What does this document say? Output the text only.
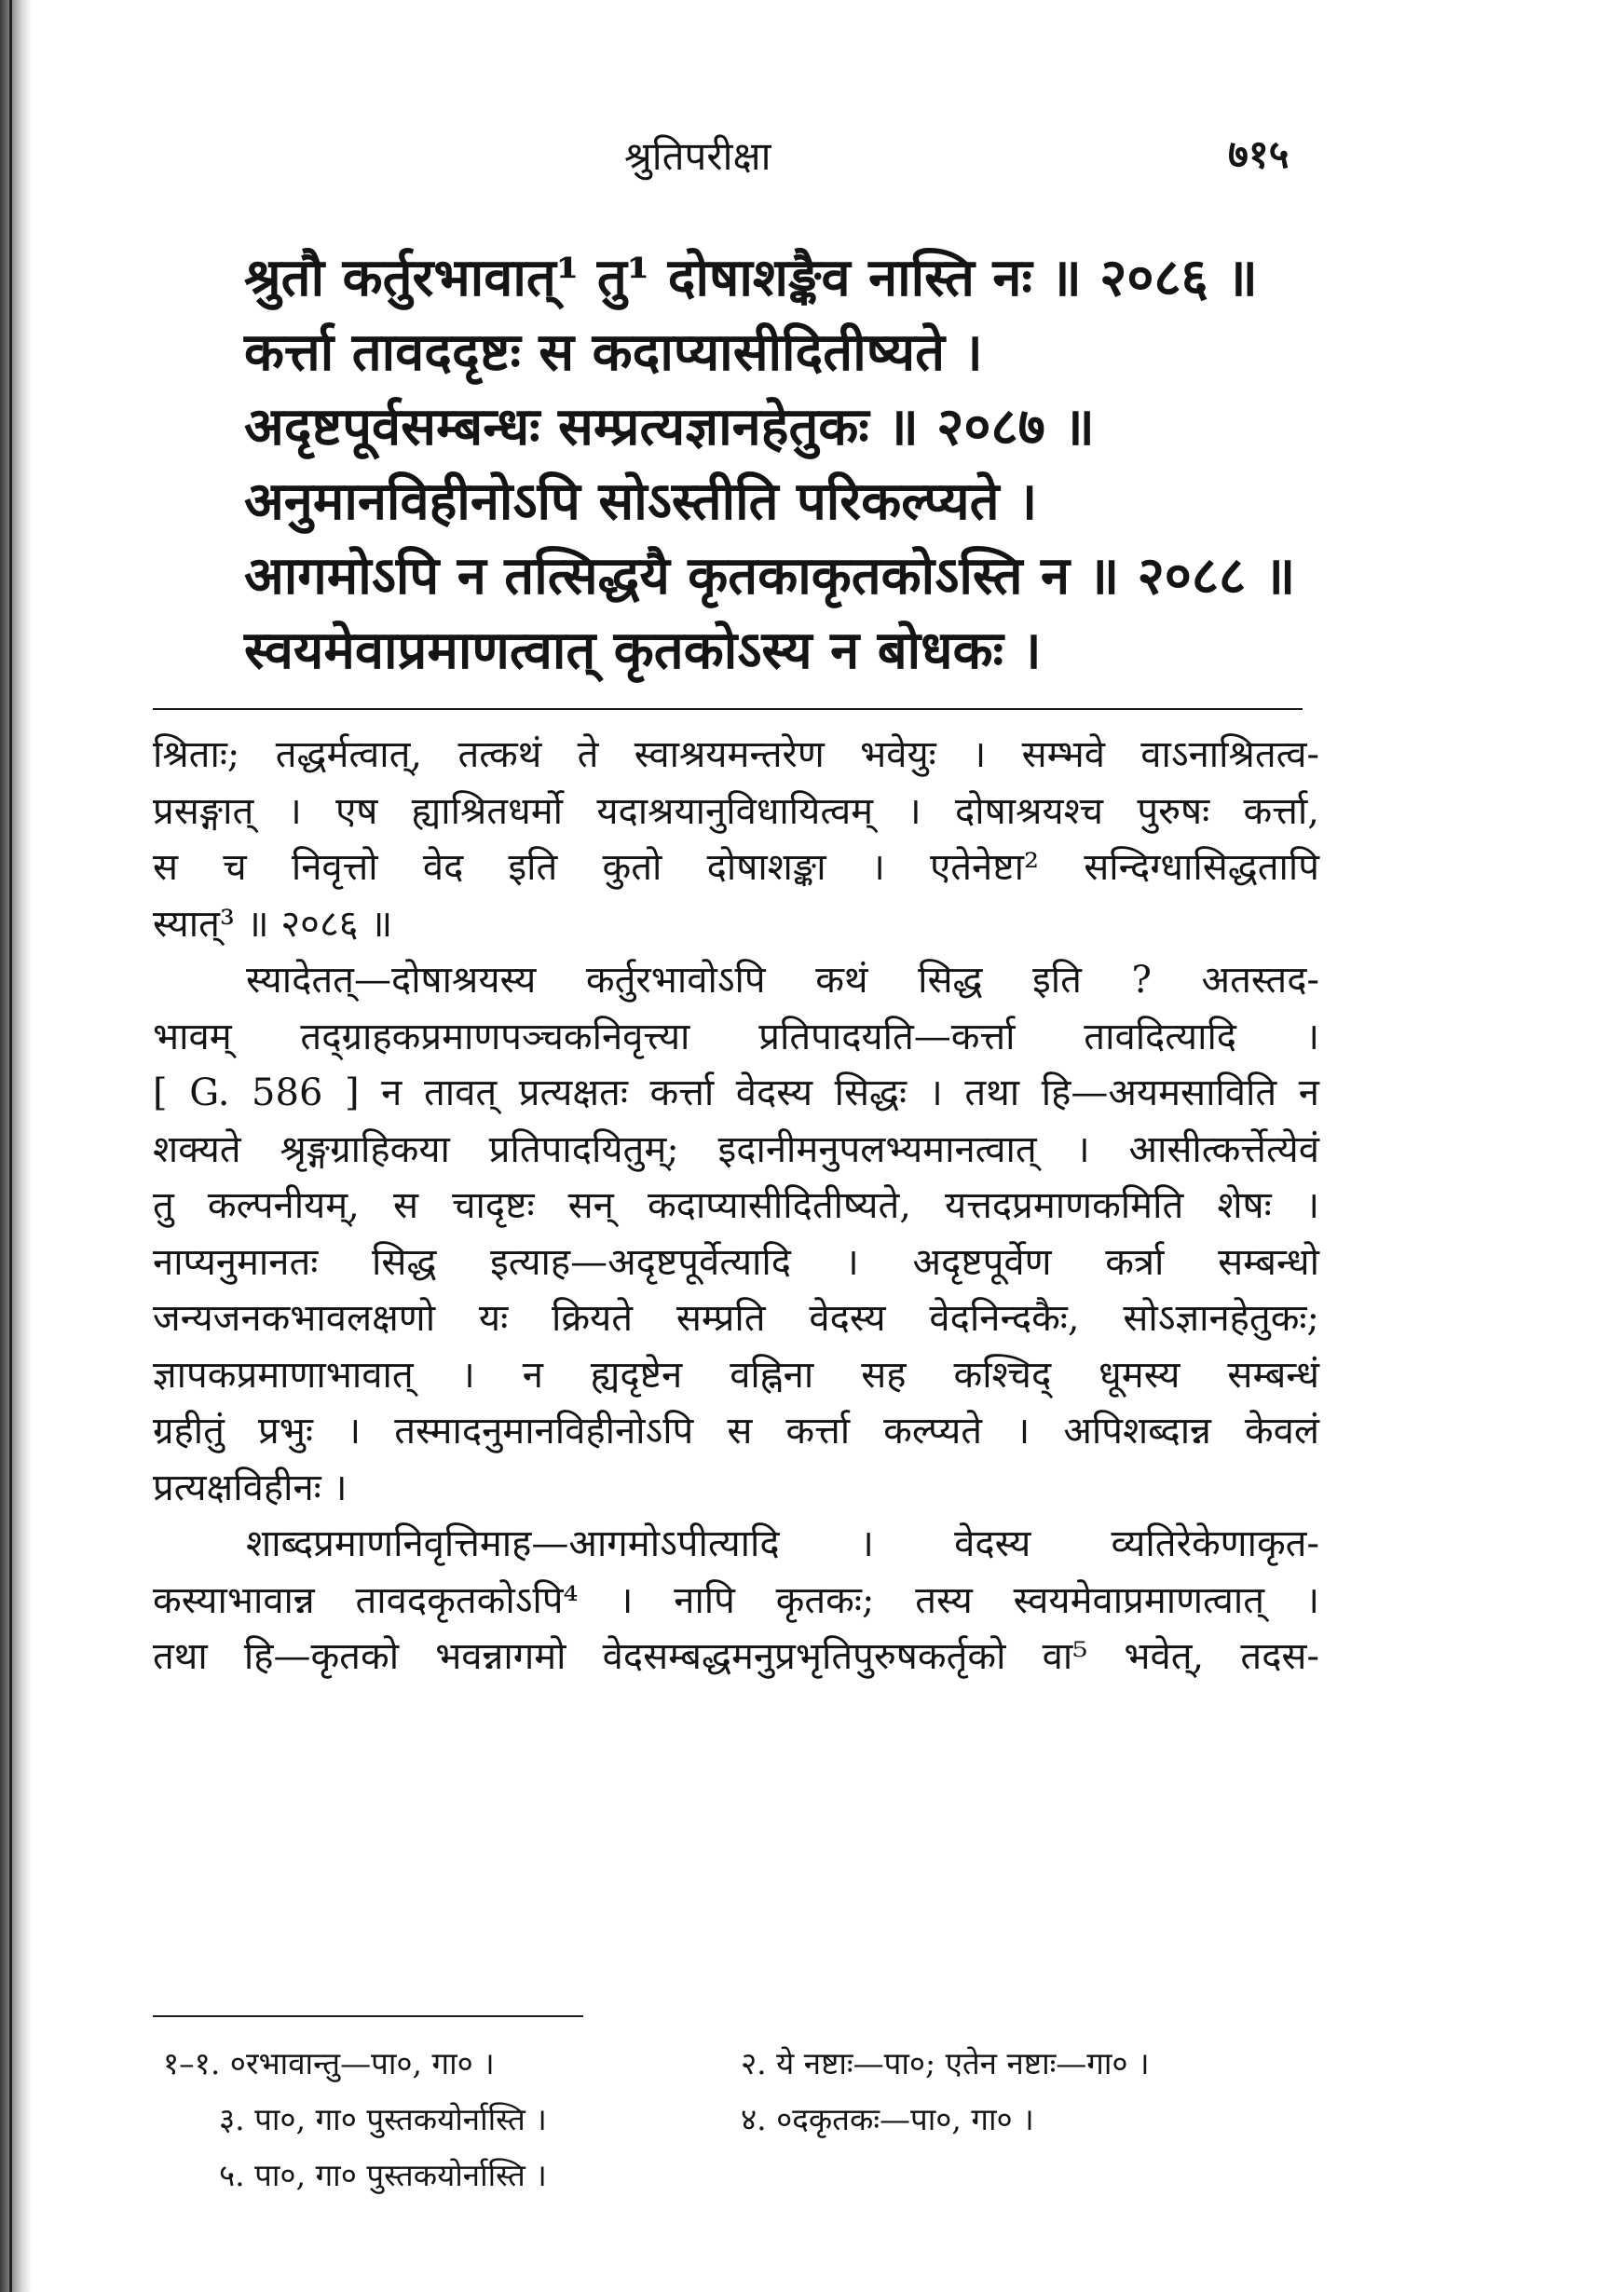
श्रुतिपरीक्षा	७१५
श्रुतौ कर्तुरभावात्¹ तु¹ दोषाशङ्कैव नास्ति नः ॥ २०८६ ॥
कर्त्ता तावददृष्टः स कदाप्यासीदितीष्यते ।
अदृष्टपूर्वसम्बन्धः सम्प्रत्यज्ञानहेतुकः ॥ २०८७ ॥
अनुमानविहीनोऽपि सोऽस्तीति परिकल्प्यते ।
आगमोऽपि न तत्सिद्धयै कृतकाकृतकोऽस्ति न ॥ २०८८ ॥
स्वयमेवाप्रमाणत्वात् कृतकोऽस्य न बोधकः ।
श्रिताः; तद्धर्मत्वात्, तत्कथं ते स्वाश्रयमन्तरेण भवेयुः । सम्भवे वाऽनाश्रितत्व-
प्रसङ्गात् । एष ह्याश्रितधर्मो यदाश्रयानुविधायित्वम् । दोषाश्रयश्च पुरुषः कर्त्ता,
स च निवृत्तो वेद इति कुतो दोषाशङ्का । एतेनेष्टा² सन्दिग्धासिद्धतापि
स्यात्³ ॥ २०८६ ॥
स्यादेतत्—दोषाश्रयस्य कर्तुरभावोऽपि कथं सिद्ध इति ? अतस्तद-
भावम् तद्ग्राहकप्रमाणपञ्चकनिवृत्त्या प्रतिपादयति—कर्त्ता तावदित्यादि ।
[ G. 586 ] न तावत् प्रत्यक्षतः कर्त्ता वेदस्य सिद्धः । तथा हि—अयमसाविति न
शक्यते श्रृङ्गग्राहिकया प्रतिपादयितुम्; इदानीमनुपलभ्यमानत्वात् । आसीत्कर्त्तेत्येवं
तु कल्पनीयम्, स चादृष्टः सन् कदाप्यासीदितीष्यते, यत्तदप्रमाणकमिति शेषः ।
नाप्यनुमानतः सिद्ध इत्याह—अदृष्टपूर्वेत्यादि । अदृष्टपूर्वेण कर्त्रा सम्बन्धो
जन्यजनकभावलक्षणो यः क्रियते सम्प्रति वेदस्य वेदनिन्दकैः, सोऽज्ञानहेतुकः;
ज्ञापकप्रमाणाभावात् । न ह्यदृष्टेन वह्निना सह कश्चिद् धूमस्य सम्बन्धं
ग्रहीतुं प्रभुः । तस्मादनुमानविहीनोऽपि स कर्त्ता कल्प्यते । अपिशब्दान्न केवलं
प्रत्यक्षविहीनः ।
शाब्दप्रमाणनिवृत्तिमाह—आगमोऽपीत्यादि । वेदस्य व्यतिरेकेणाकृत-
कस्याभावान्न तावदकृतकोऽपि⁴ । नापि कृतकः; तस्य स्वयमेवाप्रमाणत्वात् ।
तथा हि—कृतको भवन्नागमो वेदसम्बद्धमनुप्रभृतिपुरुषकर्तृको वा⁵ भवेत्, तदस-
१–१. ०रभावान्तु—पा०, गा० ।	२. ये नष्टाः—पा०; एतेन नष्टाः—गा० ।
३. पा०, गा० पुस्तकयोर्नास्ति ।	४. ०दकृतकः—पा०, गा० ।
५. पा०, गा० पुस्तकयोर्नास्ति ।
